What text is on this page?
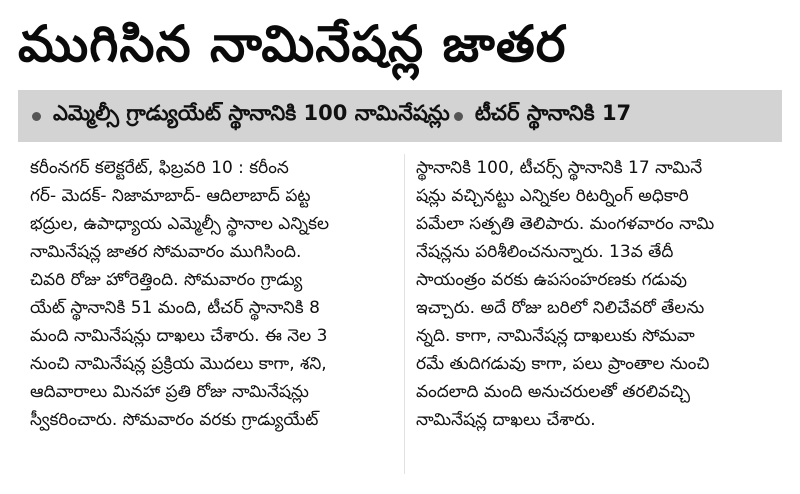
ముగిసిన నామినేషన్ల జాతర
ఎమ్మెల్సీ గ్రాడ్యుయేట్ స్థానానికి 100 నామినేషన్లు టీచర్ స్థానానికి 17
కరీంనగర్ కలెక్టరేట్, ఫిబ్రవరి 10 : కరీంన
గర్- మెదక్- నిజామాబాద్- ఆదిలాబాద్ పట్ట
భద్రుల, ఉపాధ్యాయ ఎమ్మెల్సీ స్థానాల ఎన్నికల
నామినేషన్ల జాతర సోమవారం ముగిసింది.
చివరి రోజు హోరెత్తింది. సోమవారం గ్రాడ్యు
యేట్ స్థానానికి 51 మంది, టీచర్ స్థానానికి 8
మంది నామినేషన్లు దాఖలు చేశారు. ఈ నెల 3
నుంచి నామినేషన్ల ప్రక్రియ మొదలు కాగా, శని,
ఆదివారాలు మినహా ప్రతి రోజు నామినేషన్లు
స్వీకరించారు. సోమవారం వరకు గ్రాడ్యుయేట్
స్థానానికి 100, టీచర్స్ స్థానానికి 17 నామినే
షన్లు వచ్చినట్టు ఎన్నికల రిటర్నింగ్ అధికారి
పమేలా సత్పతి తెలిపారు. మంగళవారం నామి
నేషన్లను పరిశీలించనున్నారు. 13వ తేదీ
సాయంత్రం వరకు ఉపసంహరణకు గడువు
ఇచ్చారు. అదే రోజు బరిలో నిలిచేవరో తేలను
న్నది. కాగా, నామినేషన్ల దాఖలుకు సోమవా
రమే తుదిగడువు కాగా, పలు ప్రాంతాల నుంచి
వందలాది మంది అనుచరులతో తరలివచ్చి
నామినేషన్ల దాఖలు చేశారు.
